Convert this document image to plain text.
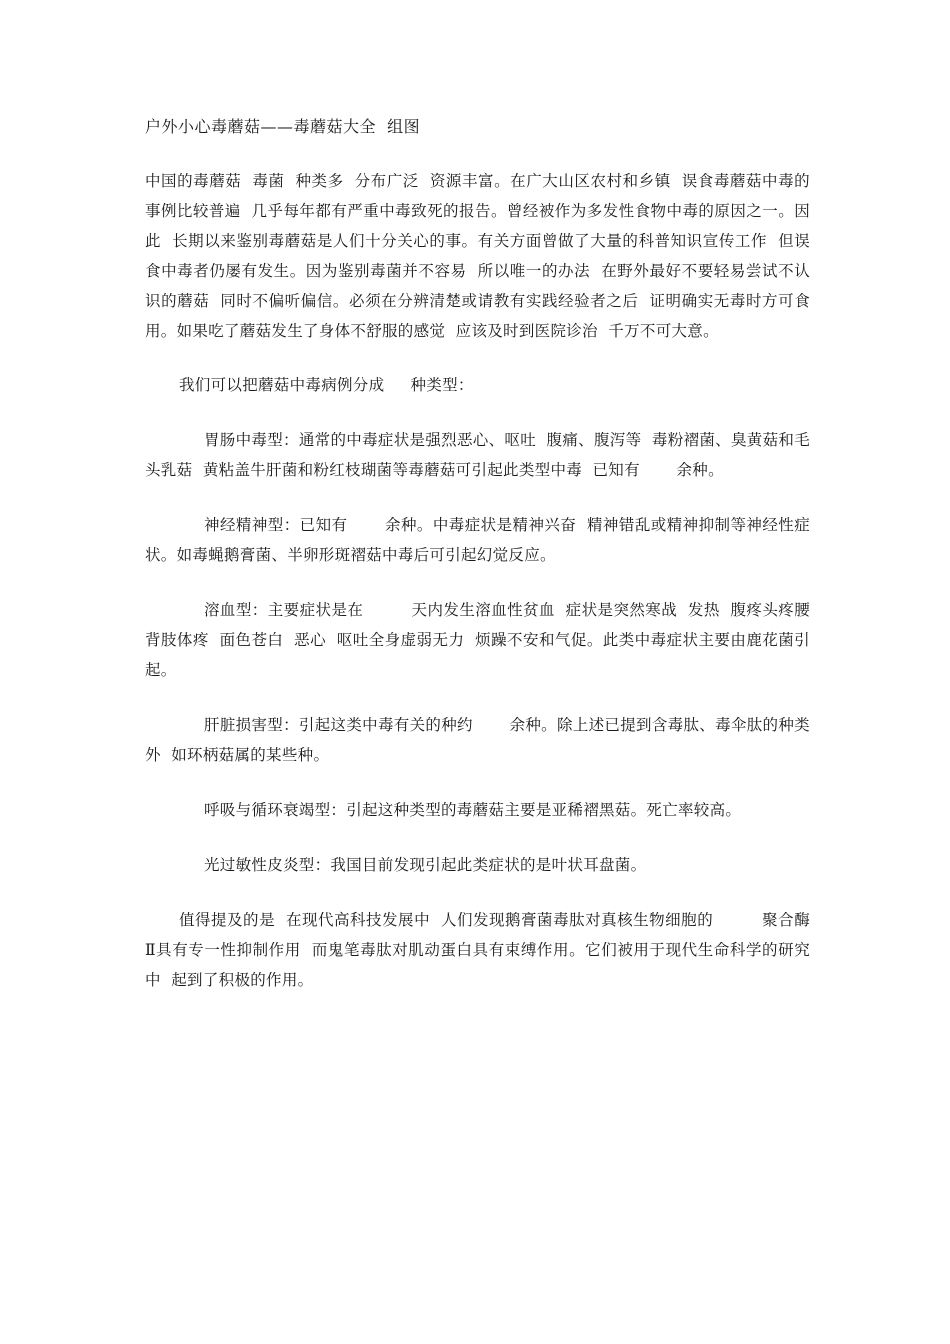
户外小心毒蘑菇——毒蘑菇大全  组图

中国的毒蘑菇  毒菌  种类多  分布广泛  资源丰富。在广大山区农村和乡镇  误食毒蘑菇中毒的事例比较普遍  几乎每年都有严重中毒致死的报告。曾经被作为多发性食物中毒的原因之一。因此  长期以来鉴别毒蘑菇是人们十分关心的事。有关方面曾做了大量的科普知识宣传工作  但误食中毒者仍屡有发生。因为鉴别毒菌并不容易  所以唯一的办法  在野外最好不要轻易尝试不认识的蘑菇  同时不偏听偏信。必须在分辨清楚或请教有实践经验者之后  证明确实无毒时方可食用。如果吃了蘑菇发生了身体不舒服的感觉  应该及时到医院诊治  千万不可大意。

我们可以把蘑菇中毒病例分成     种类型：

胃肠中毒型：通常的中毒症状是强烈恶心、呕吐  腹痛、腹泻等  毒粉褶菌、臭黄菇和毛头乳菇  黄粘盖牛肝菌和粉红枝瑚菌等毒蘑菇可引起此类型中毒  已知有       余种。

神经精神型：已知有       余种。中毒症状是精神兴奋  精神错乱或精神抑制等神经性症状。如毒蝇鹅膏菌、半卵形斑褶菇中毒后可引起幻觉反应。

溶血型：主要症状是在         天内发生溶血性贫血  症状是突然寒战  发热  腹疼头疼腰背肢体疼  面色苍白  恶心  呕吐全身虚弱无力  烦躁不安和气促。此类中毒症状主要由鹿花菌引起。

肝脏损害型：引起这类中毒有关的种约       余种。除上述已提到含毒肽、毒伞肽的种类外  如环柄菇属的某些种。

呼吸与循环衰竭型：引起这种类型的毒蘑菇主要是亚稀褶黑菇。死亡率较高。

光过敏性皮炎型：我国目前发现引起此类症状的是叶状耳盘菌。

值得提及的是  在现代高科技发展中  人们发现鹅膏菌毒肽对真核生物细胞的         聚合酶Ⅱ具有专一性抑制作用  而鬼笔毒肽对肌动蛋白具有束缚作用。它们被用于现代生命科学的研究中  起到了积极的作用。
